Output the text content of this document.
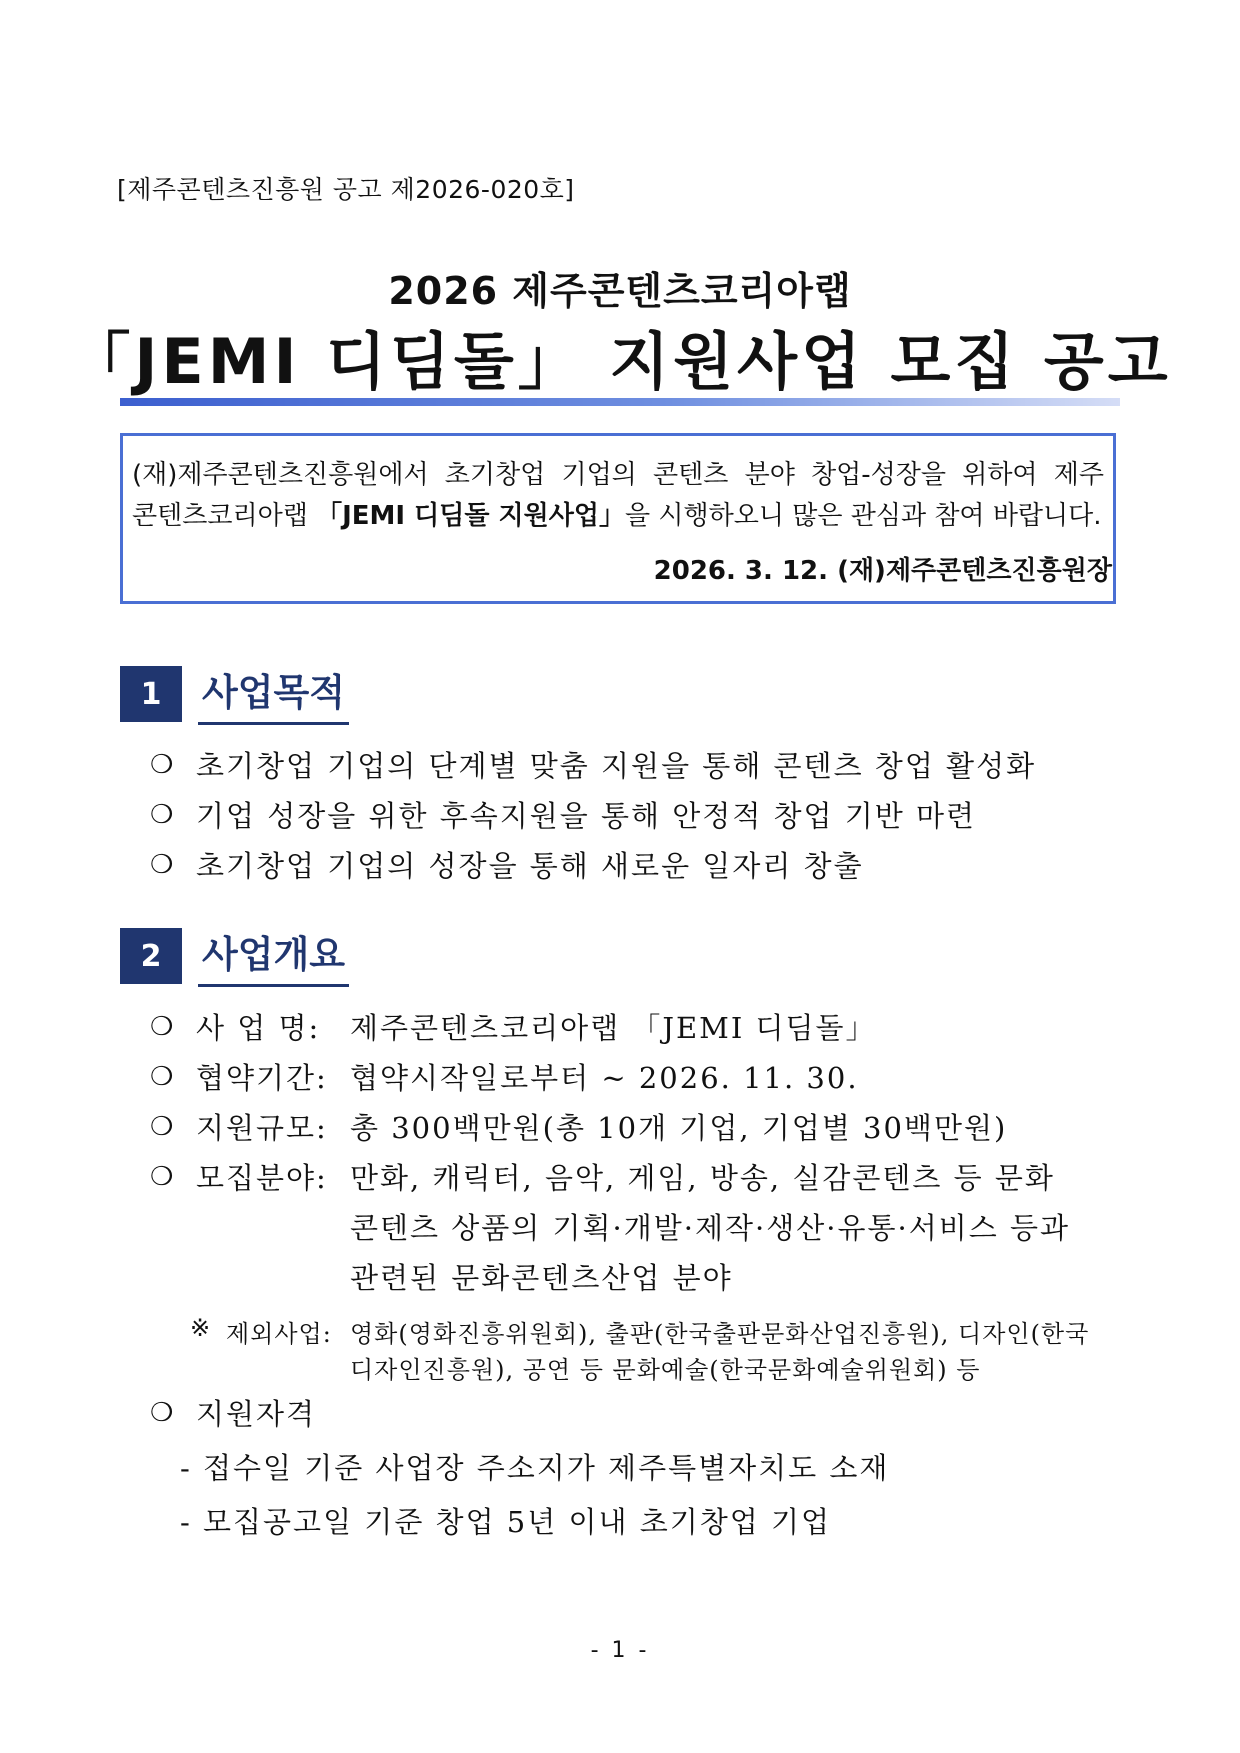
[제주콘텐츠진흥원 공고 제2026-020호]
2026 제주콘텐츠코리아랩
「JEMI 디딤돌」 지원사업 모집 공고
(재)제주콘텐츠진흥원에서 초기창업 기업의 콘텐츠 분야 창업-성장을 위하여 제주
콘텐츠코리아랩 「JEMI 디딤돌 지원사업」을 시행하오니 많은 관심과 참여 바랍니다.
2026. 3. 12. (재)제주콘텐츠진흥원장
1	사업목적
❍ 초기창업 기업의 단계별 맞춤 지원을 통해 콘텐츠 창업 활성화
❍ 기업 성장을 위한 후속지원을 통해 안정적 창업 기반 마련
❍ 초기창업 기업의 성장을 통해 새로운 일자리 창출
2	사업개요
❍ 사 업 명: 제주콘텐츠코리아랩 「JEMI 디딤돌」
❍ 협약기간: 협약시작일로부터 ~ 2026. 11. 30.
❍ 지원규모: 총 300백만원(총 10개 기업, 기업별 30백만원)
❍ 모집분야: 만화, 캐릭터, 음악, 게임, 방송, 실감콘텐츠 등 문화
콘텐츠 상품의 기획·개발·제작·생산·유통·서비스 등과
관련된 문화콘텐츠산업 분야
※ 제외사업: 영화(영화진흥위원회), 출판(한국출판문화산업진흥원), 디자인(한국
디자인진흥원), 공연 등 문화예술(한국문화예술위원회) 등
❍ 지원자격
- 접수일 기준 사업장 주소지가 제주특별자치도 소재
- 모집공고일 기준 창업 5년 이내 초기창업 기업
- 1 -
